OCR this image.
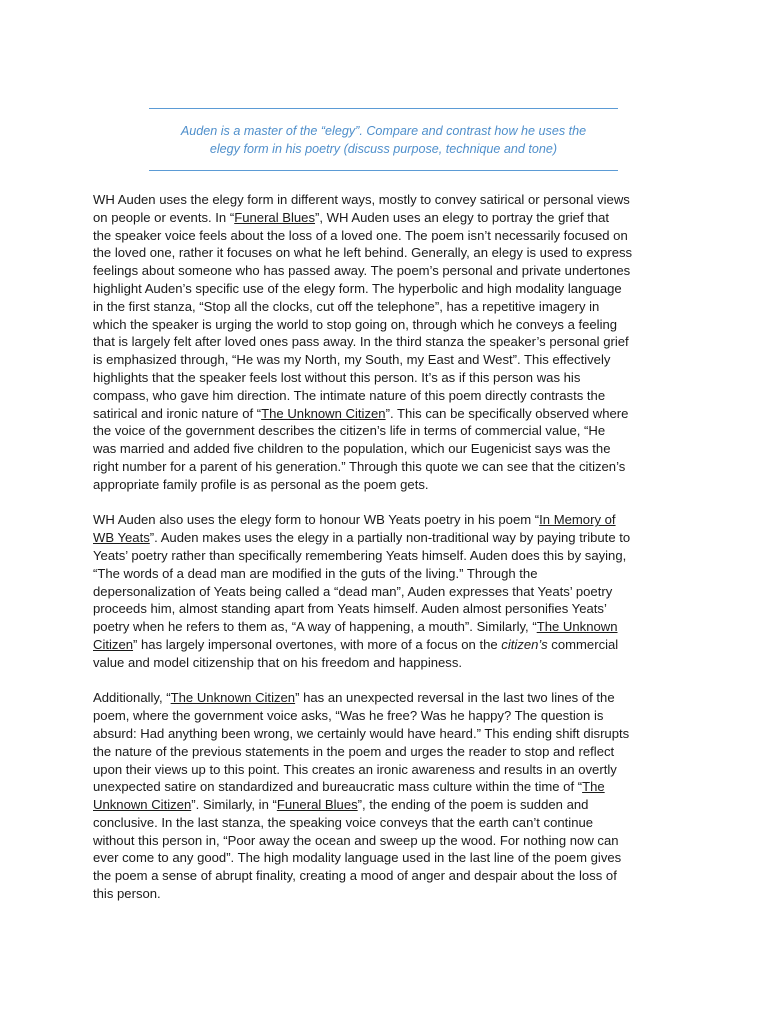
Auden is a master of the “elegy”. Compare and contrast how he uses the
elegy form in his poetry (discuss purpose, technique and tone)
WH Auden uses the elegy form in different ways, mostly to convey satirical or personal views
on people or events. In “Funeral Blues”, WH Auden uses an elegy to portray the grief that
the speaker voice feels about the loss of a loved one. The poem isn’t necessarily focused on
the loved one, rather it focuses on what he left behind. Generally, an elegy is used to express
feelings about someone who has passed away. The poem’s personal and private undertones
highlight Auden’s specific use of the elegy form. The hyperbolic and high modality language
in the first stanza, “Stop all the clocks, cut off the telephone”, has a repetitive imagery in
which the speaker is urging the world to stop going on, through which he conveys a feeling
that is largely felt after loved ones pass away. In the third stanza the speaker’s personal grief
is emphasized through, “He was my North, my South, my East and West”. This effectively
highlights that the speaker feels lost without this person. It’s as if this person was his
compass, who gave him direction. The intimate nature of this poem directly contrasts the
satirical and ironic nature of “The Unknown Citizen”. This can be specifically observed where
the voice of the government describes the citizen’s life in terms of commercial value, “He
was married and added five children to the population, which our Eugenicist says was the
right number for a parent of his generation.” Through this quote we can see that the citizen’s
appropriate family profile is as personal as the poem gets.
WH Auden also uses the elegy form to honour WB Yeats poetry in his poem “In Memory of
WB Yeats”. Auden makes uses the elegy in a partially non-traditional way by paying tribute to
Yeats’ poetry rather than specifically remembering Yeats himself. Auden does this by saying,
“The words of a dead man are modified in the guts of the living.” Through the
depersonalization of Yeats being called a “dead man”, Auden expresses that Yeats’ poetry
proceeds him, almost standing apart from Yeats himself. Auden almost personifies Yeats’
poetry when he refers to them as, “A way of happening, a mouth”. Similarly, “The Unknown
Citizen” has largely impersonal overtones, with more of a focus on the citizen’s commercial
value and model citizenship that on his freedom and happiness.
Additionally, “The Unknown Citizen” has an unexpected reversal in the last two lines of the
poem, where the government voice asks, “Was he free? Was he happy? The question is
absurd: Had anything been wrong, we certainly would have heard.” This ending shift disrupts
the nature of the previous statements in the poem and urges the reader to stop and reflect
upon their views up to this point. This creates an ironic awareness and results in an overtly
unexpected satire on standardized and bureaucratic mass culture within the time of “The
Unknown Citizen”. Similarly, in “Funeral Blues”, the ending of the poem is sudden and
conclusive. In the last stanza, the speaking voice conveys that the earth can’t continue
without this person in, “Poor away the ocean and sweep up the wood. For nothing now can
ever come to any good”. The high modality language used in the last line of the poem gives
the poem a sense of abrupt finality, creating a mood of anger and despair about the loss of
this person.
